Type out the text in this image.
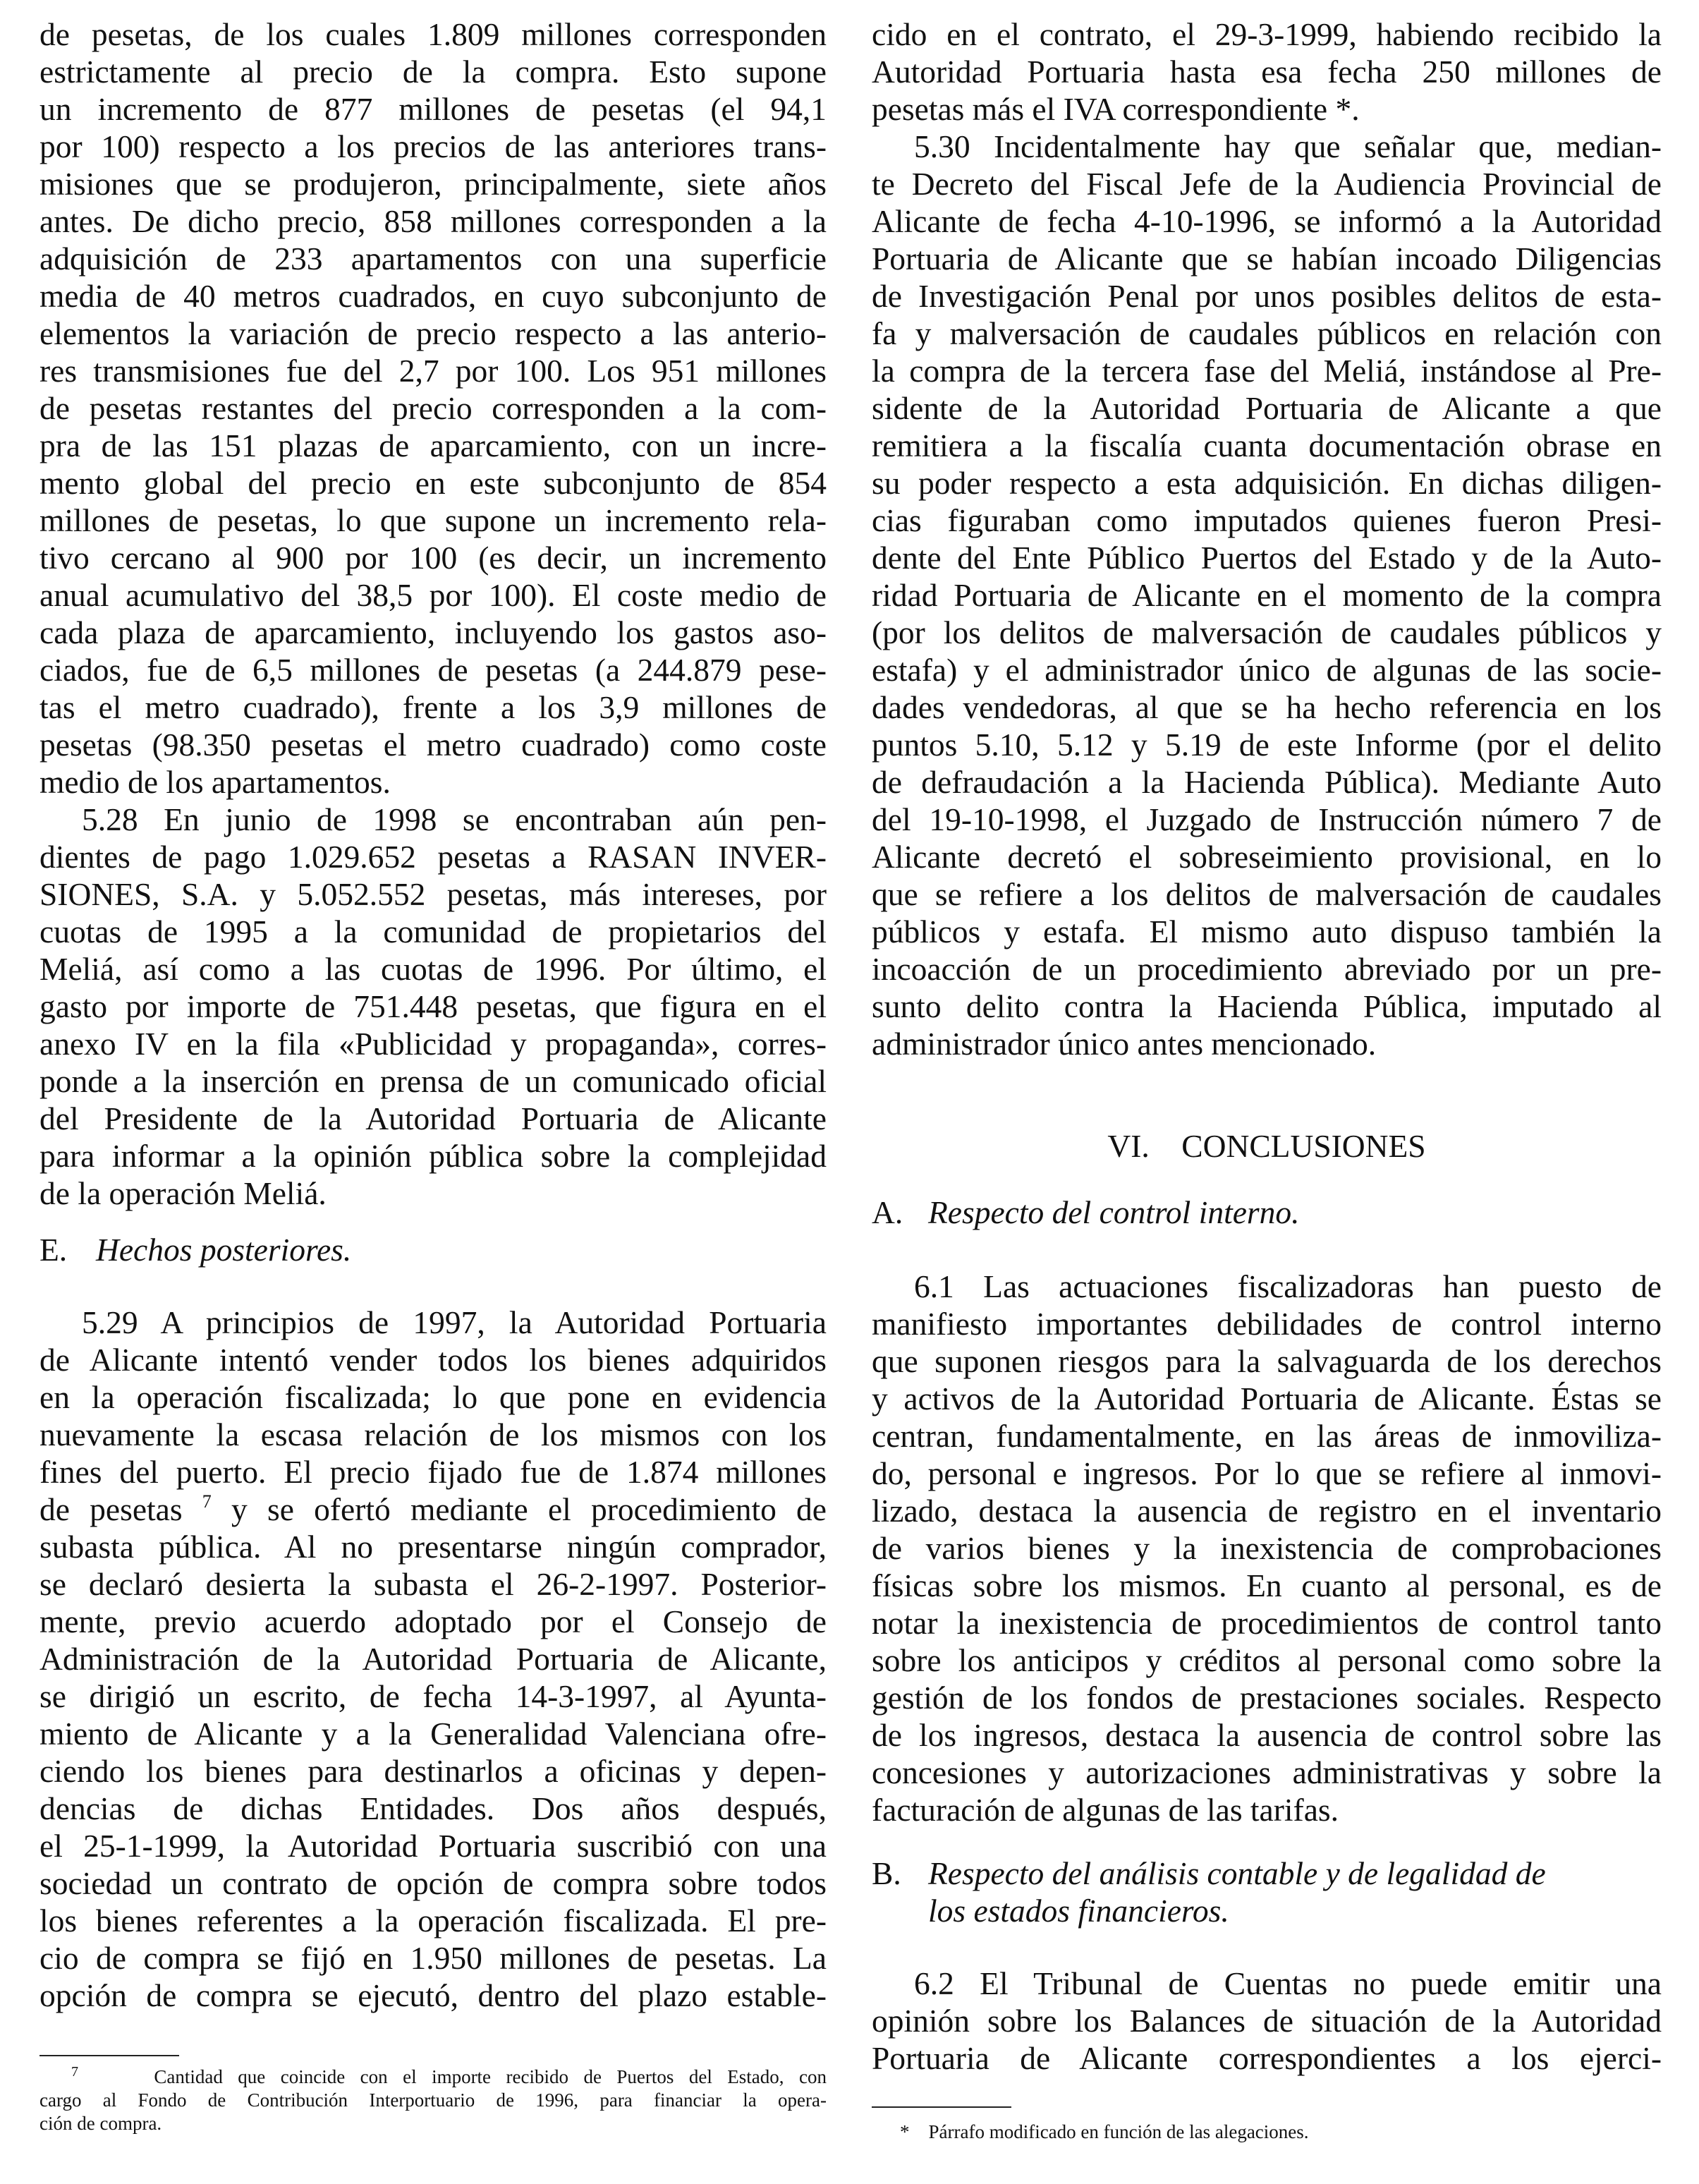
de pesetas, de los cuales 1.809 millones corresponden
estrictamente al precio de la compra. Esto supone
un incremento de 877 millones de pesetas (el 94,1
por 100) respecto a los precios de las anteriores trans-
misiones que se produjeron, principalmente, siete años
antes. De dicho precio, 858 millones corresponden a la
adquisición de 233 apartamentos con una superficie
media de 40 metros cuadrados, en cuyo subconjunto de
elementos la variación de precio respecto a las anterio-
res transmisiones fue del 2,7 por 100. Los 951 millones
de pesetas restantes del precio corresponden a la com-
pra de las 151 plazas de aparcamiento, con un incre-
mento global del precio en este subconjunto de 854
millones de pesetas, lo que supone un incremento rela-
tivo cercano al 900 por 100 (es decir, un incremento
anual acumulativo del 38,5 por 100). El coste medio de
cada plaza de aparcamiento, incluyendo los gastos aso-
ciados, fue de 6,5 millones de pesetas (a 244.879 pese-
tas el metro cuadrado), frente a los 3,9 millones de
pesetas (98.350 pesetas el metro cuadrado) como coste
medio de los apartamentos.
5.28 En junio de 1998 se encontraban aún pen-
dientes de pago 1.029.652 pesetas a RASAN INVER-
SIONES, S.A. y 5.052.552 pesetas, más intereses, por
cuotas de 1995 a la comunidad de propietarios del
Meliá, así como a las cuotas de 1996. Por último, el
gasto por importe de 751.448 pesetas, que figura en el
anexo IV en la fila «Publicidad y propaganda», corres-
ponde a la inserción en prensa de un comunicado oficial
del Presidente de la Autoridad Portuaria de Alicante
para informar a la opinión pública sobre la complejidad
de la operación Meliá.
E. Hechos posteriores.
5.29 A principios de 1997, la Autoridad Portuaria
de Alicante intentó vender todos los bienes adquiridos
en la operación fiscalizada; lo que pone en evidencia
nuevamente la escasa relación de los mismos con los
fines del puerto. El precio fijado fue de 1.874 millones
de pesetas $^7$ y se ofertó mediante el procedimiento de
subasta pública. Al no presentarse ningún comprador,
se declaró desierta la subasta el 26-2-1997. Posterior-
mente, previo acuerdo adoptado por el Consejo de
Administración de la Autoridad Portuaria de Alicante,
se dirigió un escrito, de fecha 14-3-1997, al Ayunta-
miento de Alicante y a la Generalidad Valenciana ofre-
ciendo los bienes para destinarlos a oficinas y depen-
dencias de dichas Entidades. Dos años después,
el 25-1-1999, la Autoridad Portuaria suscribió con una
sociedad un contrato de opción de compra sobre todos
los bienes referentes a la operación fiscalizada. El pre-
cio de compra se fijó en 1.950 millones de pesetas. La
opción de compra se ejecutó, dentro del plazo estable-
$^7$	Cantidad que coincide con el importe recibido de Puertos del Estado, con
cargo al Fondo de Contribución Interportuario de 1996, para financiar la opera-
ción de compra.
cido en el contrato, el 29-3-1999, habiendo recibido la
Autoridad Portuaria hasta esa fecha 250 millones de
pesetas más el IVA correspondiente *.
5.30 Incidentalmente hay que señalar que, median-
te Decreto del Fiscal Jefe de la Audiencia Provincial de
Alicante de fecha 4-10-1996, se informó a la Autoridad
Portuaria de Alicante que se habían incoado Diligencias
de Investigación Penal por unos posibles delitos de esta-
fa y malversación de caudales públicos en relación con
la compra de la tercera fase del Meliá, instándose al Pre-
sidente de la Autoridad Portuaria de Alicante a que
remitiera a la fiscalía cuanta documentación obrase en
su poder respecto a esta adquisición. En dichas diligen-
cias figuraban como imputados quienes fueron Presi-
dente del Ente Público Puertos del Estado y de la Auto-
ridad Portuaria de Alicante en el momento de la compra
(por los delitos de malversación de caudales públicos y
estafa) y el administrador único de algunas de las socie-
dades vendedoras, al que se ha hecho referencia en los
puntos 5.10, 5.12 y 5.19 de este Informe (por el delito
de defraudación a la Hacienda Pública). Mediante Auto
del 19-10-1998, el Juzgado de Instrucción número 7 de
Alicante decretó el sobreseimiento provisional, en lo
que se refiere a los delitos de malversación de caudales
públicos y estafa. El mismo auto dispuso también la
incoacción de un procedimiento abreviado por un pre-
sunto delito contra la Hacienda Pública, imputado al
administrador único antes mencionado.
VI.    CONCLUSIONES
A. Respecto del control interno.
6.1 Las actuaciones fiscalizadoras han puesto de
manifiesto importantes debilidades de control interno
que suponen riesgos para la salvaguarda de los derechos
y activos de la Autoridad Portuaria de Alicante. Éstas se
centran, fundamentalmente, en las áreas de inmoviliza-
do, personal e ingresos. Por lo que se refiere al inmovi-
lizado, destaca la ausencia de registro en el inventario
de varios bienes y la inexistencia de comprobaciones
físicas sobre los mismos. En cuanto al personal, es de
notar la inexistencia de procedimientos de control tanto
sobre los anticipos y créditos al personal como sobre la
gestión de los fondos de prestaciones sociales. Respecto
de los ingresos, destaca la ausencia de control sobre las
concesiones y autorizaciones administrativas y sobre la
facturación de algunas de las tarifas.
B. Respecto del análisis contable y de legalidad de
los estados financieros.
6.2 El Tribunal de Cuentas no puede emitir una
opinión sobre los Balances de situación de la Autoridad
Portuaria de Alicante correspondientes a los ejerci-
* Párrafo modificado en función de las alegaciones.
